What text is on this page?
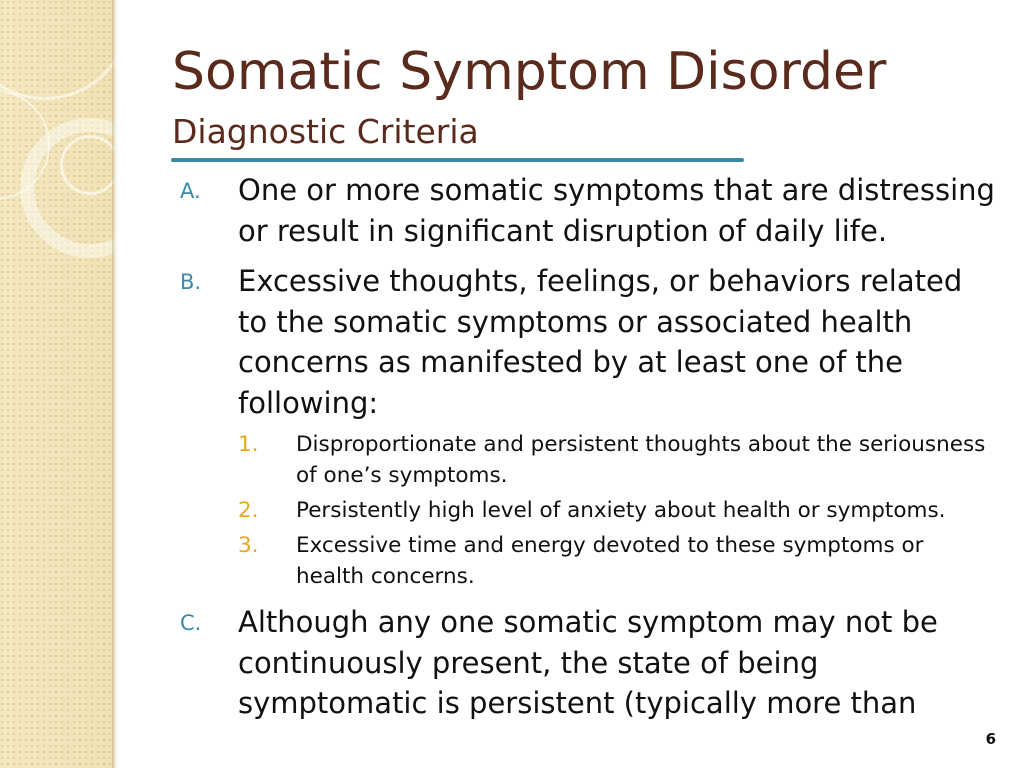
Somatic Symptom Disorder
Diagnostic Criteria
A. One or more somatic symptoms that are distressing or result in significant disruption of daily life.
B. Excessive thoughts, feelings, or behaviors related to the somatic symptoms or associated health concerns as manifested by at least one of the following:
1. Disproportionate and persistent thoughts about the seriousness of one’s symptoms.
2. Persistently high level of anxiety about health or symptoms.
3. Excessive time and energy devoted to these symptoms or health concerns.
C. Although any one somatic symptom may not be continuously present, the state of being symptomatic is persistent (typically more than
6
